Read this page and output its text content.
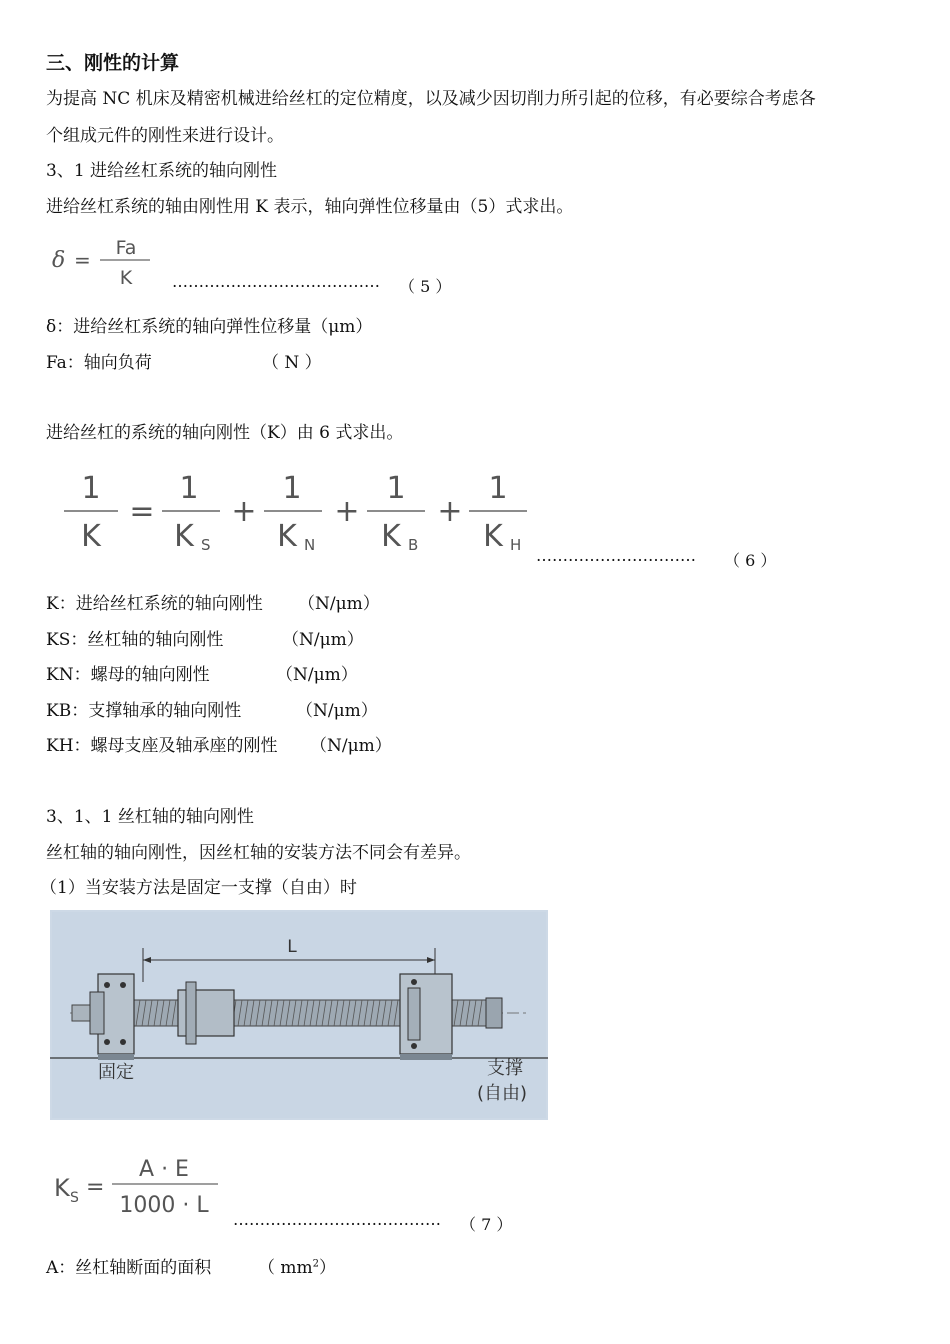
三、刚性的计算
为提高 NC 机床及精密机械进给丝杠的定位精度，以及减少因切削力所引起的位移，有必要综合考虑各
个组成元件的刚性来进行设计。
3、1 进给丝杠系统的轴向刚性
进给丝杠系统的轴由刚性用 K 表示，轴向弹性位移量由（5）式求出。
δ = Fa
K ………………………………… （ 5 ）
δ：进给丝杠系统的轴向弹性位移量（μm）
Fa：轴向负荷	（ N ）
进给丝杠的系统的轴向刚性（K）由 6 式求出。
1
K
=
1
K S
+
1
K N
+
1
K B
+
1
K H
………………………… （ 6 ）
K：进给丝杠系统的轴向刚性 （N/μm）
KS：丝杠轴的轴向刚性	（N/μm）
KN：螺母的轴向刚性	（N/μm）
KB：支撑轴承的轴向刚性	（N/μm）
KH：螺母支座及轴承座的刚性 （N/μm）
3、1、1 丝杠轴的轴向刚性
丝杠轴的轴向刚性，因丝杠轴的安装方法不同会有差异。
（1）当安装方法是固定一支撑（自由）时
L
固定	支撑
(自由)
K S =
A · E
1000 · L
………………………………… （ 7 ）
A：丝杠轴断面的面积	（ $mm^2$）
